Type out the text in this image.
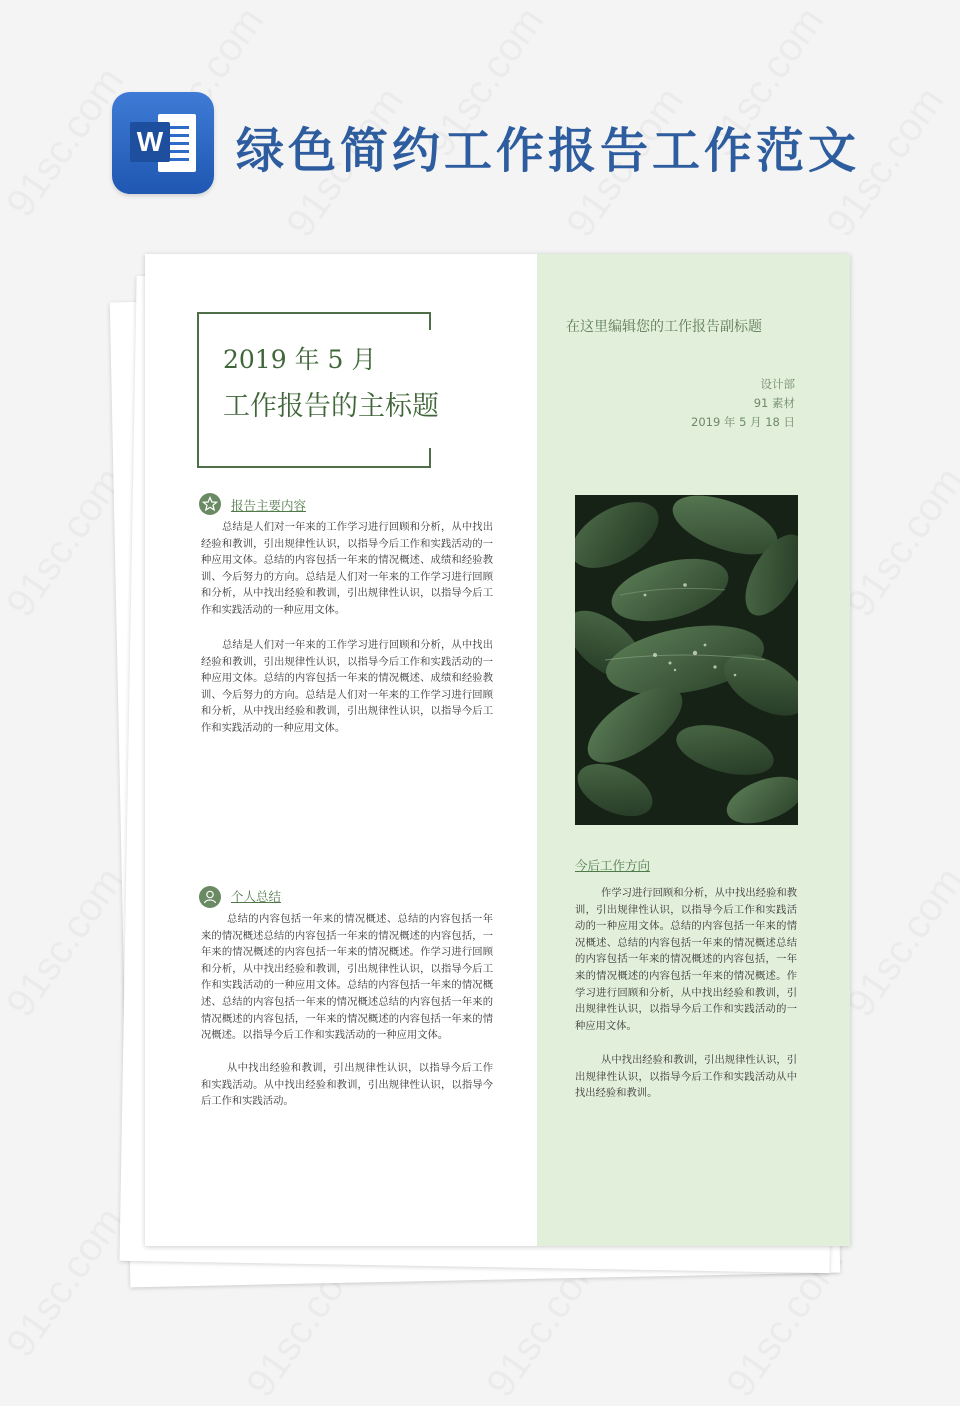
W 绿色简约工作报告工作范文
2019 年 5 月
工作报告的主标题
报告主要内容

总结是人们对一年来的工作学习进行回顾和分析，从中找出经验和教训，引出规律性认识，以指导今后工作和实践活动的一种应用文体。总结的内容包括一年来的情况概述、成绩和经验教训、今后努力的方向。总结是人们对一年来的工作学习进行回顾和分析，从中找出经验和教训，引出规律性认识，以指导今后工作和实践活动的一种应用文体。

总结是人们对一年来的工作学习进行回顾和分析，从中找出经验和教训，引出规律性认识，以指导今后工作和实践活动的一种应用文体。总结的内容包括一年来的情况概述、成绩和经验教训、今后努力的方向。总结是人们对一年来的工作学习进行回顾和分析，从中找出经验和教训，引出规律性认识，以指导今后工作和实践活动的一种应用文体。

个人总结

总结的内容包括一年来的情况概述、总结的内容包括一年来的情况概述总结的内容包括一年来的情况概述的内容包括，一年来的情况概述的内容包括一年来的情况概述。作学习进行回顾和分析，从中找出经验和教训，引出规律性认识，以指导今后工作和实践活动的一种应用文体。总结的内容包括一年来的情况概述、总结的内容包括一年来的情况概述总结的内容包括一年来的情况概述的内容包括，一年来的情况概述的内容包括一年来的情况概述。以指导今后工作和实践活动的一种应用文体。

从中找出经验和教训，引出规律性认识，以指导今后工作和实践活动。从中找出经验和教训，引出规律性认识，以指导今后工作和实践活动。

在这里编辑您的工作报告副标题
设计部
91 素材
2019 年 5 月 18 日
今后工作方向

作学习进行回顾和分析，从中找出经验和教训，引出规律性认识，以指导今后工作和实践活动的一种应用文体。总结的内容包括一年来的情况概述、总结的内容包括一年来的情况概述总结的内容包括一年来的情况概述的内容包括，一年来的情况概述的内容包括一年来的情况概述。作学习进行回顾和分析，从中找出经验和教训，引出规律性认识，以指导今后工作和实践活动的一种应用文体。

从中找出经验和教训，引出规律性认识，引出规律性认识，以指导今后工作和实践活动从中找出经验和教训。
